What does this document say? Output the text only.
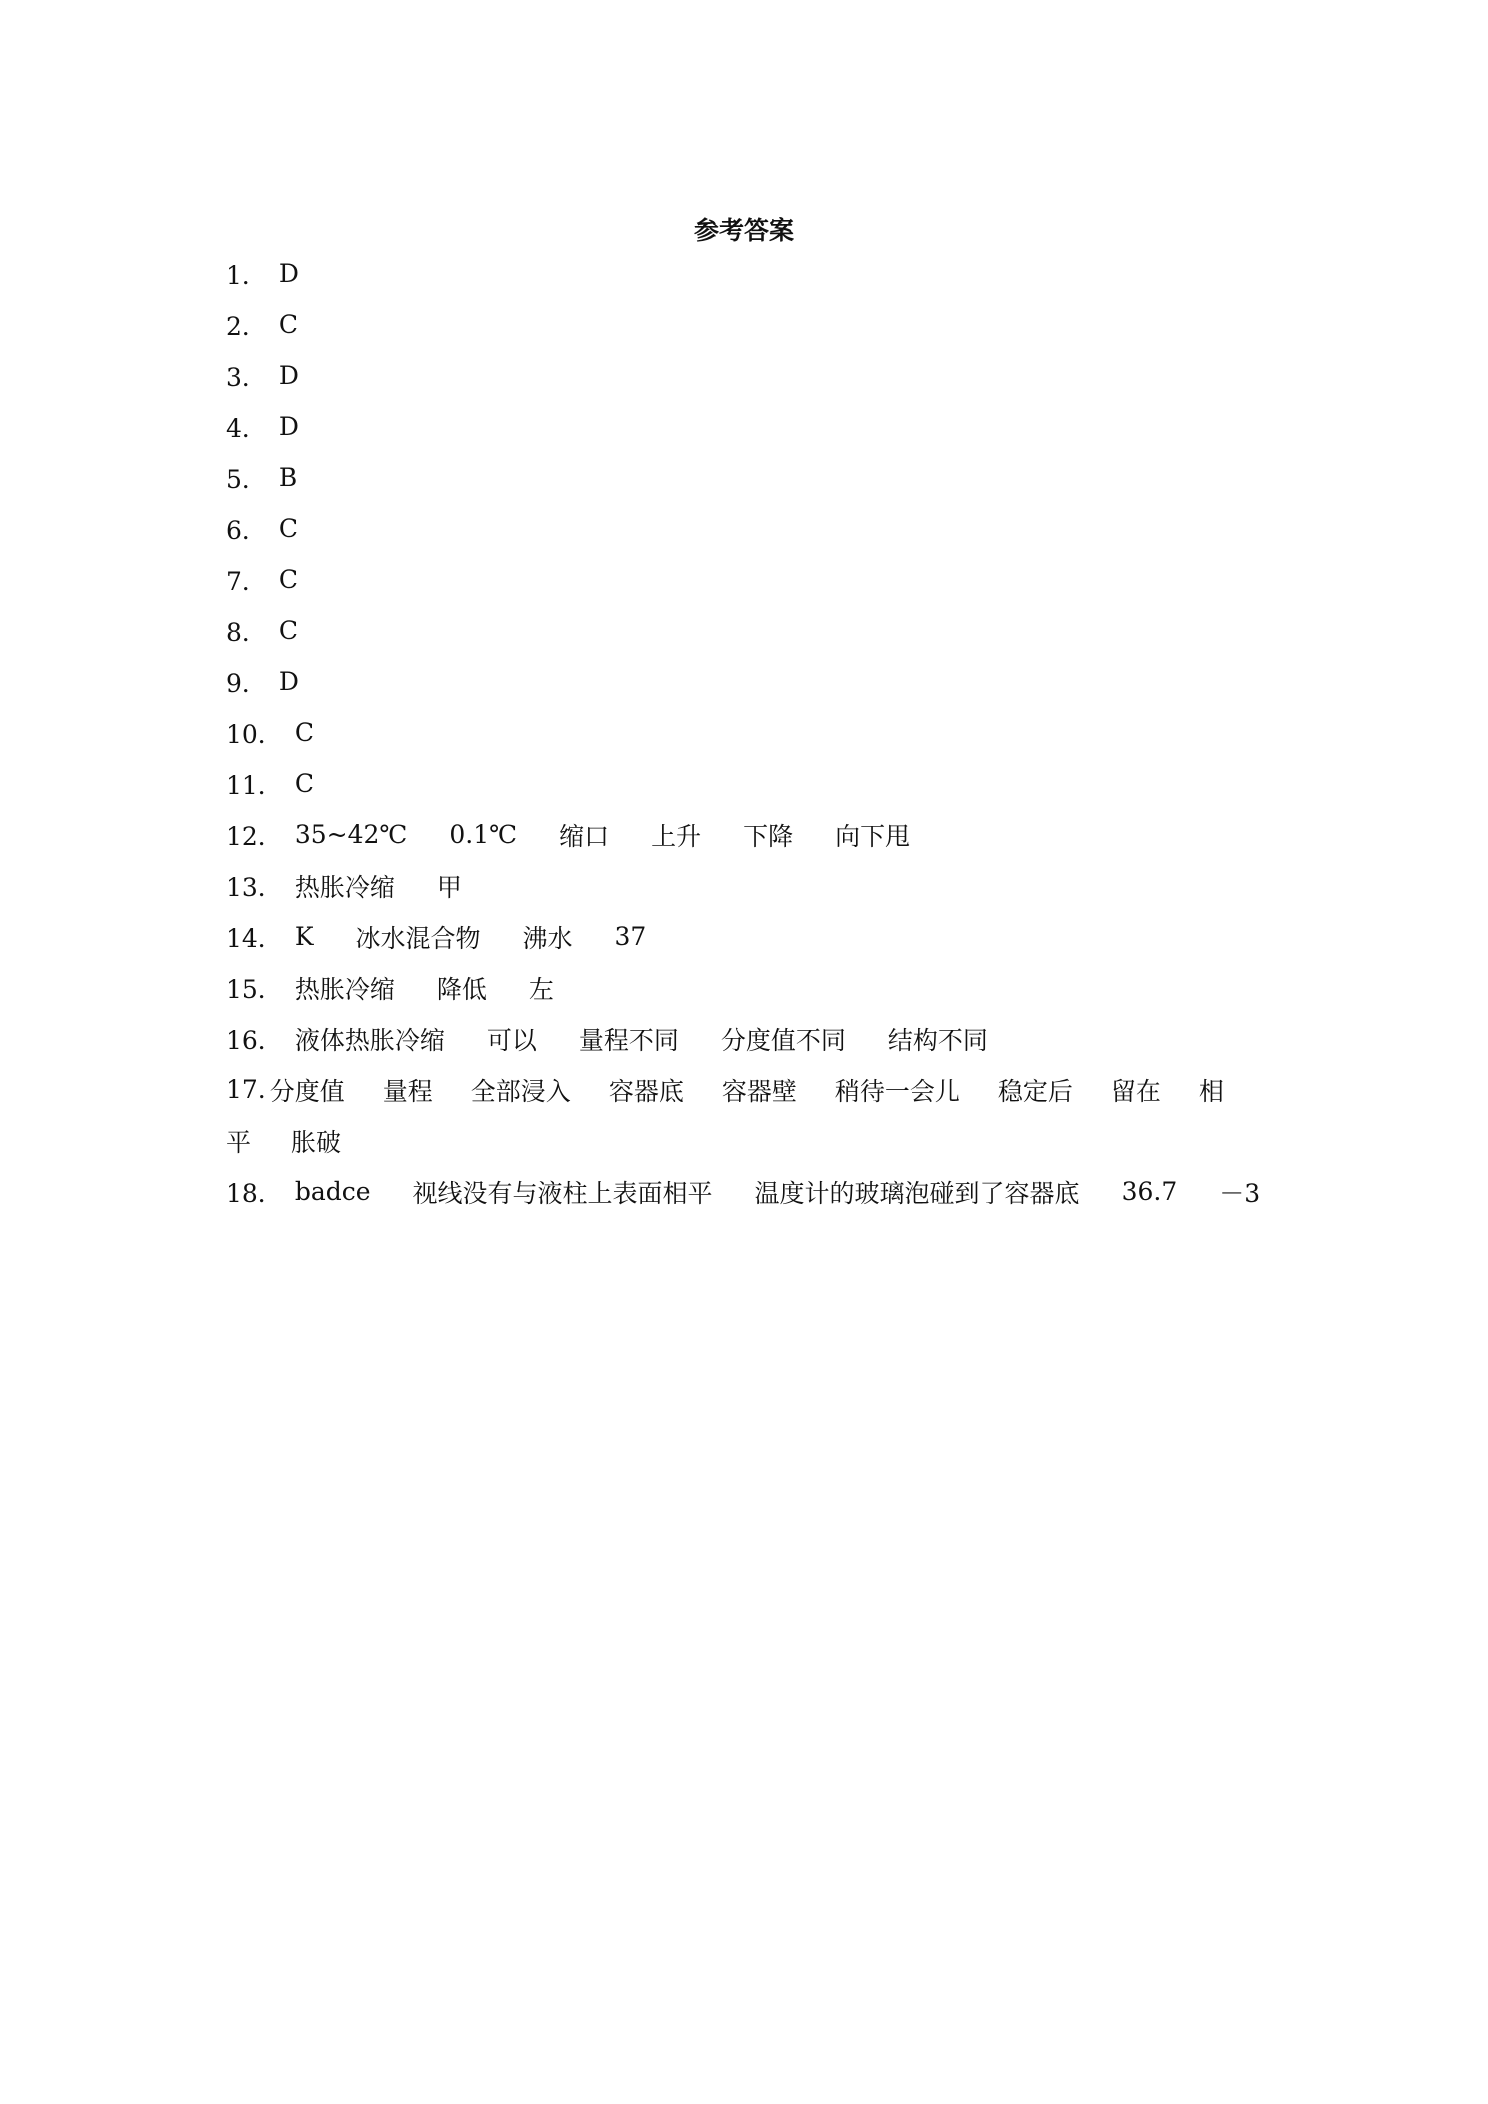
参考答案
1． D
2． C
3． D
4． D
5． B
6． C
7． C
8． C
9． D
10． C
11． C
12． 35~42℃ 0.1℃ 缩口 上升 下降 向下甩
13． 热胀冷缩 甲
14． K 冰水混合物 沸水 37
15． 热胀冷缩 降低 左
16． 液体热胀冷缩 可以 量程不同 分度值不同 结构不同
17. 分度值 量程 全部浸入 容器底 容器壁 稍待一会儿 稳定后 留在 相
平 胀破
18． badce 视线没有与液柱上表面相平 温度计的玻璃泡碰到了容器底 36.7 －3
